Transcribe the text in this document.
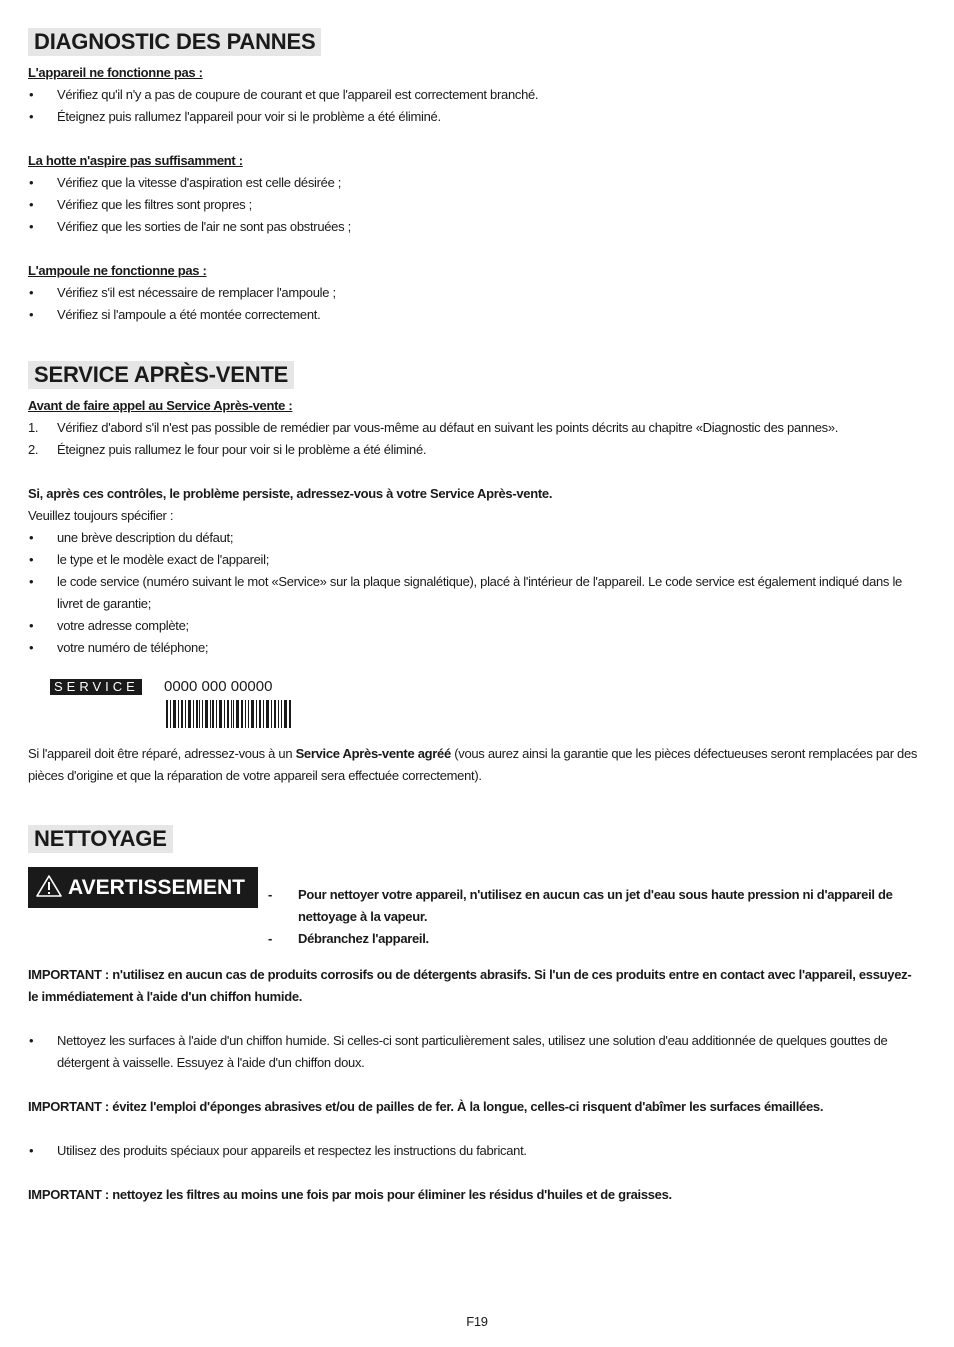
DIAGNOSTIC DES PANNES
L'appareil ne fonctionne pas :
• Vérifiez qu'il n'y a pas de coupure de courant et que l'appareil est correctement branché.
• Éteignez puis rallumez l'appareil pour voir si le problème a été éliminé.
La hotte n'aspire pas suffisamment :
• Vérifiez que la vitesse d'aspiration est celle désirée ;
• Vérifiez que les filtres sont propres ;
• Vérifiez que les sorties de l'air ne sont pas obstruées ;
L'ampoule ne fonctionne pas :
• Vérifiez s'il est nécessaire de remplacer l'ampoule ;
• Vérifiez si l'ampoule a été montée correctement.
SERVICE APRÈS-VENTE
Avant de faire appel au Service Après-vente :
1. Vérifiez d'abord s'il n'est pas possible de remédier par vous-même au défaut en suivant les points décrits au chapitre «Diagnostic des pannes».
2. Éteignez puis rallumez le four pour voir si le problème a été éliminé.
Si, après ces contrôles, le problème persiste, adressez-vous à votre Service Après-vente.
Veuillez toujours spécifier :
• une brève description du défaut;
• le type et le modèle exact de l'appareil;
• le code service (numéro suivant le mot «Service» sur la plaque signalétique), placé à l'intérieur de l'appareil. Le code service est également indiqué dans le livret de garantie;
• votre adresse complète;
• votre numéro de téléphone;
SERVICE 0000 000 00000
Si l'appareil doit être réparé, adressez-vous à un Service Après-vente agréé (vous aurez ainsi la garantie que les pièces défectueuses seront remplacées par des pièces d'origine et que la réparation de votre appareil sera effectuée correctement).
NETTOYAGE
AVERTISSEMENT
-	Pour nettoyer votre appareil, n'utilisez en aucun cas un jet d'eau sous haute pression ni d'appareil de nettoyage à la vapeur.
- Débranchez l'appareil.
IMPORTANT : n'utilisez en aucun cas de produits corrosifs ou de détergents abrasifs. Si l'un de ces produits entre en contact avec l'appareil, essuyez-le immédiatement à l'aide d'un chiffon humide.
• Nettoyez les surfaces à l'aide d'un chiffon humide. Si celles-ci sont particulièrement sales, utilisez une solution d'eau additionnée de quelques gouttes de détergent à vaisselle. Essuyez à l'aide d'un chiffon doux.
IMPORTANT : évitez l'emploi d'éponges abrasives et/ou de pailles de fer. À la longue, celles-ci risquent d'abîmer les surfaces émaillées.
• Utilisez des produits spéciaux pour appareils et respectez les instructions du fabricant.
IMPORTANT : nettoyez les filtres au moins une fois par mois pour éliminer les résidus d'huiles et de graisses.
F19
